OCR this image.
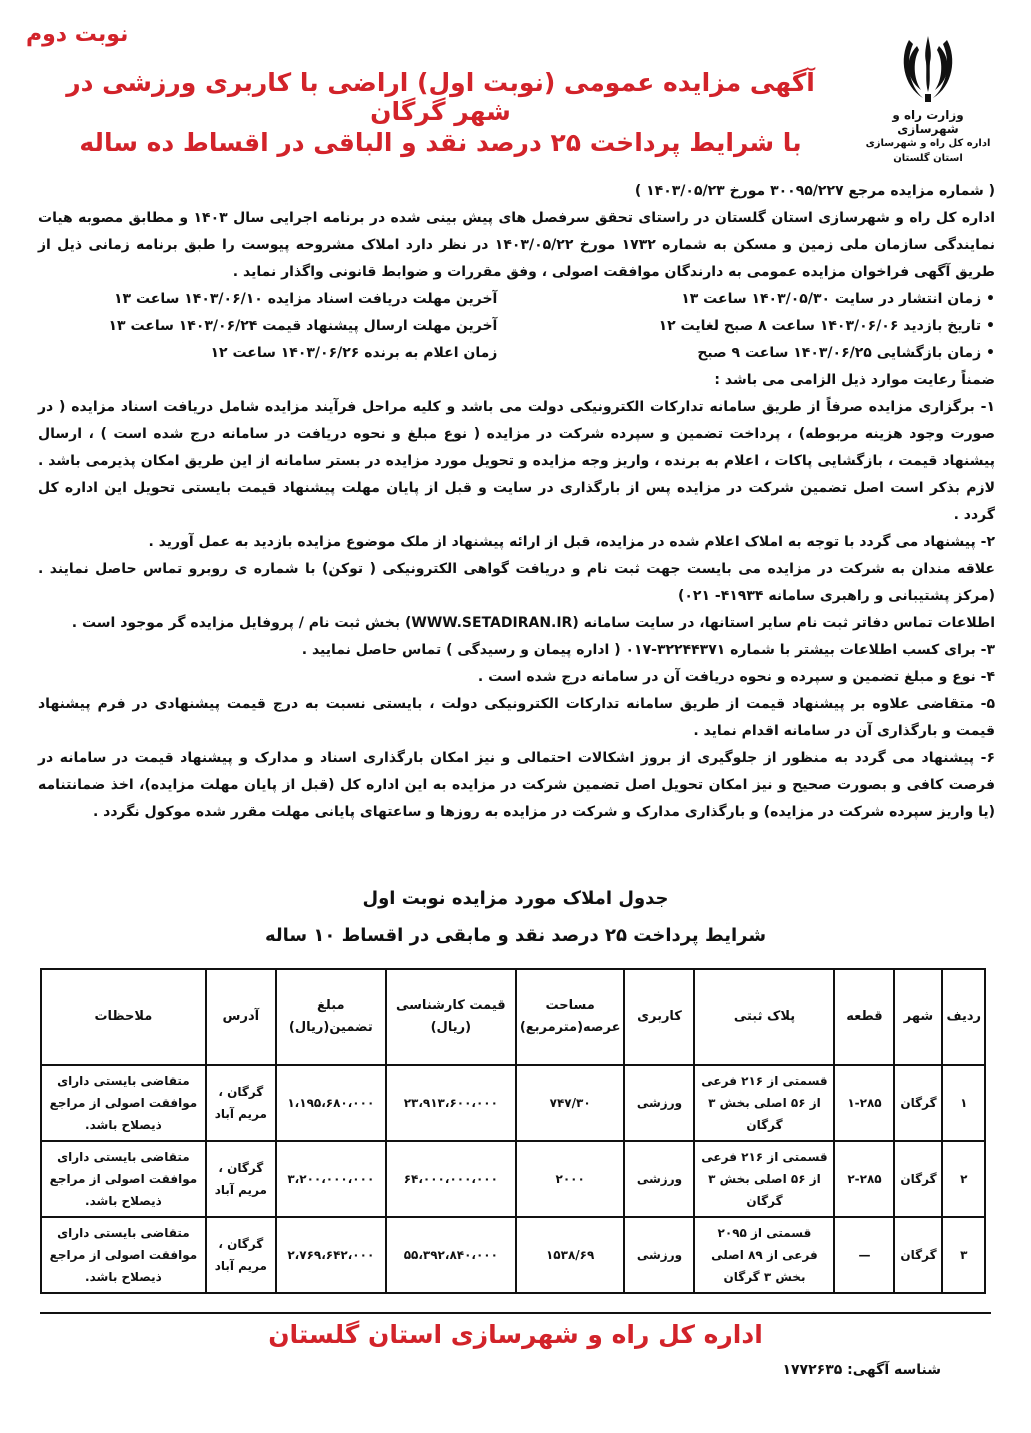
نوبت دوم
آگهی مزایده عمومی (نوبت اول) اراضی با کاربری ورزشی در شهر گرگان
با شرایط پرداخت ۲۵ درصد نقد و الباقی در اقساط ده ساله
وزارت راه و شهرسازی
اداره کل راه و شهرسازی
استان گلستان

( شماره مزایده مرجع ۳۰۰۹۵/۲۲۷ مورخ ۱۴۰۳/۰۵/۲۳ )

اداره کل راه و شهرسازی استان گلستان در راستای تحقق سرفصل های پیش بینی شده در برنامه اجرایی سال ۱۴۰۳ و مطابق مصوبه هیات نمایندگی سازمان ملی زمین و مسکن به شماره ۱۷۳۲ مورخ ۱۴۰۳/۰۵/۲۲ در نظر دارد املاک مشروحه پیوست را طبق برنامه زمانی ذیل از طریق آگهی فراخوان مزایده عمومی به دارندگان موافقت اصولی ، وفق مقررات و ضوابط قانونی واگذار نماید .

• زمان انتشار در سایت ۱۴۰۳/۰۵/۳۰ ساعت ۱۳
آخرین مهلت دریافت اسناد مزایده ۱۴۰۳/۰۶/۱۰ ساعت ۱۳
• تاریخ بازدید ۱۴۰۳/۰۶/۰۶ ساعت ۸ صبح لغایت ۱۲
آخرین مهلت ارسال پیشنهاد قیمت ۱۴۰۳/۰۶/۲۴ ساعت ۱۳
• زمان بازگشایی ۱۴۰۳/۰۶/۲۵ ساعت ۹ صبح
زمان اعلام به برنده ۱۴۰۳/۰۶/۲۶ ساعت ۱۲

ضمناً رعایت موارد ذیل الزامی می باشد :

۱- برگزاری مزایده صرفاً از طریق سامانه تدارکات الکترونیکی دولت می باشد و کلیه مراحل فرآیند مزایده شامل دریافت اسناد مزایده ( در صورت وجود هزینه مربوطه) ، پرداخت تضمین و سپرده شرکت در مزایده ( نوع مبلغ و نحوه دریافت در سامانه درج شده است ) ، ارسال پیشنهاد قیمت ، بازگشایی پاکات ، اعلام به برنده ، واریز وجه مزایده و تحویل مورد مزایده در بستر سامانه از این طریق امکان پذیرمی باشد . لازم بذکر است اصل تضمین شرکت در مزایده پس از بارگذاری در سایت و قبل از پایان مهلت پیشنهاد قیمت بایستی تحویل این اداره کل گردد .

۲- پیشنهاد می گردد با توجه به املاک اعلام شده در مزایده، قبل از ارائه پیشنهاد از ملک موضوع مزایده بازدید به عمل آورید .

علاقه مندان به شرکت در مزایده می بایست جهت ثبت نام و دریافت گواهی الکترونیکی ( توکن) با شماره ی روبرو تماس حاصل نمایند . (مرکز پشتیبانی و راهبری سامانه ۴۱۹۳۴- ۰۲۱)

اطلاعات تماس دفاتر ثبت نام سایر استانها، در سایت سامانه (WWW.SETADIRAN.IR) بخش ثبت نام / پروفایل مزایده گر موجود است .

۳- برای کسب اطلاعات بیشتر با شماره ۳۲۲۴۴۳۷۱-۰۱۷ ( اداره پیمان و رسیدگی ) تماس حاصل نمایید .

۴- نوع و مبلغ تضمین و سپرده و نحوه دریافت آن در سامانه درج شده است .

۵- متقاضی علاوه بر پیشنهاد قیمت از طریق سامانه تدارکات الکترونیکی دولت ، بایستی نسبت به درج قیمت پیشنهادی در فرم پیشنهاد قیمت و بارگذاری آن در سامانه اقدام نماید .

۶- پیشنهاد می گردد به منظور از جلوگیری از بروز اشکالات احتمالی و نیز امکان بارگذاری اسناد و مدارک و پیشنهاد قیمت در سامانه در فرصت کافی و بصورت صحیح و نیز امکان تحویل اصل تضمین شرکت در مزایده به این اداره کل (قبل از پایان مهلت مزایده)، اخذ ضمانتنامه (یا واریز سپرده شرکت در مزایده) و بارگذاری مدارک و شرکت در مزایده به روزها و ساعتهای پایانی مهلت مقرر شده موکول نگردد .

جدول املاک مورد مزایده نوبت اول
شرایط پرداخت ۲۵ درصد نقد و مابقی در اقساط ۱۰ ساله
ردیف	شهر	قطعه	پلاک ثبتی	کاربری	مساحت عرصه(مترمربع)	قیمت کارشناسی (ریال)	مبلغ تضمین(ریال)	آدرس	ملاحظات
۱	گرگان	۱-۲۸۵	قسمتی از ۲۱۶ فرعی از ۵۶ اصلی بخش ۳ گرگان	ورزشی	۷۴۷/۳۰	۲۳،۹۱۳،۶۰۰،۰۰۰	۱،۱۹۵،۶۸۰،۰۰۰	گرگان ، مریم آباد	متقاضی بایستی دارای موافقت اصولی از مراجع ذیصلاح باشد.
۲	گرگان	۲-۲۸۵	قسمتی از ۲۱۶ فرعی از ۵۶ اصلی بخش ۳ گرگان	ورزشی	۲۰۰۰	۶۴،۰۰۰،۰۰۰،۰۰۰	۳،۲۰۰،۰۰۰،۰۰۰	گرگان ، مریم آباد	متقاضی بایستی دارای موافقت اصولی از مراجع ذیصلاح باشد.
۳	گرگان	—	قسمتی از ۲۰۹۵ فرعی از ۸۹ اصلی بخش ۳ گرگان	ورزشی	۱۵۳۸/۶۹	۵۵،۳۹۲،۸۴۰،۰۰۰	۲،۷۶۹،۶۴۲،۰۰۰	گرگان ، مریم آباد	متقاضی بایستی دارای موافقت اصولی از مراجع ذیصلاح باشد.
اداره کل راه و شهرسازی استان گلستان
شناسه آگهی: ۱۷۷۲۶۳۵
